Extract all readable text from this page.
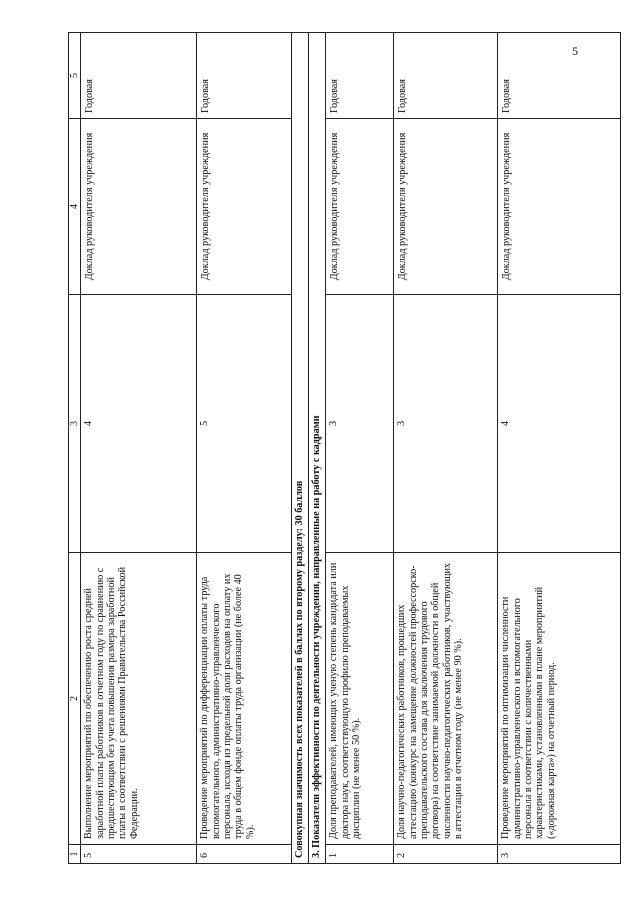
5
1	2	3	4	5
5	Выполнение мероприятий по обеспечению роста средней заработной платы работников в отчетном году по сравнению с предшествующим без учета повышения размера заработной платы в соответствии с решениями Правительства Российской Федерации.	4	Доклад руководителя учреждения	Годовая
6	Проведение мероприятий по дифференциации оплаты труда вспомогательного, административно-управленческого персонала, исходя из предельной доли расходов на оплату их труда в общем фонде оплаты труда организации (не более 40 %).	5	Доклад руководителя учреждения	Годовая
Совокупная значимость всех показателей в баллах по второму разделу: 30 баллов				
3. Показатели эффективности по деятельности учреждения, направленные на работу с кадрами				
1	Доля преподавателей, имеющих ученую степень кандидата или доктора наук, соответствующую профилю преподаваемых дисциплин (не менее 50 %).	3	Доклад руководителя учреждения	Годовая
2	Доля научно-педагогических работников, прошедших аттестацию (конкурс на замещение должностей профессорско-преподавательского состава для заключения трудового договора) на соответствие занимаемой должности в общей численности научно-педагогических работников, участвующих в аттестации в отчетном году (не менее 90 %).	3	Доклад руководителя учреждения	Годовая
3	Проведение мероприятий по оптимизации численности административно-управленческого и вспомогательного персонала в соответствии с количественными характеристиками, установленными в плане мероприятий («дорожная карта») на отчетный период.	4	Доклад руководителя учреждения	Годовая
